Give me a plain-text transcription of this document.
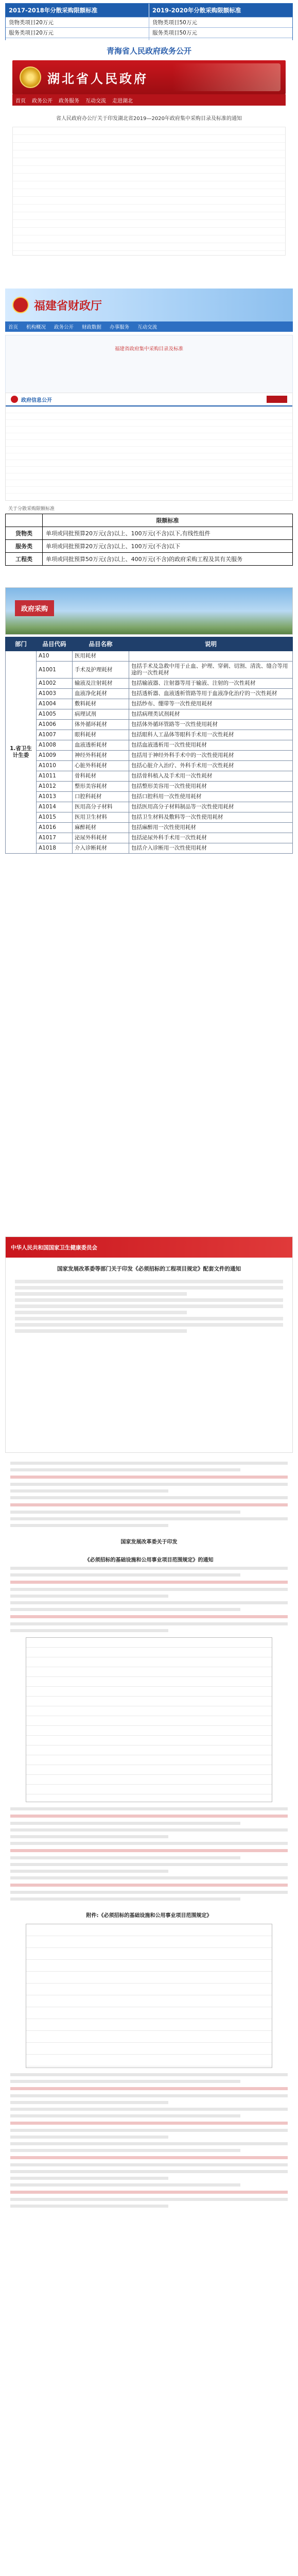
2017-2018年分散采购限额标准	2019-2020年分散采购限额标准
货物类项目20万元	货物类项目50万元
服务类项目20万元	服务类项目50万元
青海省人民政府政务公开
湖北省人民政府
首页 政务公开 政务服务 互动交流 走进湖北
省人民政府办公厅关于印发湖北省2019—2020年政府集中采购目录及标准的通知
福建省财政厅
首页 机构概况 政务公开 财政数据 办事服务 互动交流
福建省政府集中采购目录及标准
政府信息公开
关于分散采购限额标准
	限额标准
货物类	单项或同批预算20万元(含)以上、100万元(不含)以下,有线性组件
服务类	单项或同批预算20万元(含)以上、100万元(不含)以下
工程类	单项或同批预算50万元(含)以上、400万元(不含)的政府采购工程及其有关服务
政府采购
部门	品目代码	品目名称	说明
1.省卫生计生委	A10	医用耗材	
	A1001	手术及护理耗材	包括手术及急救中用于止血、护理、穿刺、切割、清洗、缝合等用途的一次性耗材
	A1002	输液及注射耗材	包括输液器、注射器等用于输液、注射的一次性耗材
	A1003	血液净化耗材	包括透析器、血液透析管路等用于血液净化治疗的一次性耗材
	A1004	敷料耗材	包括纱布、绷带等一次性使用耗材
	A1005	病理试剂	包括病理类试剂耗材
	A1006	体外循环耗材	包括体外循环管路等一次性使用耗材
	A1007	眼科耗材	包括眼科人工晶体等眼科手术用一次性耗材
	A1008	血液透析耗材	包括血液透析用一次性使用耗材
	A1009	神经外科耗材	包括用于神经外科手术中的一次性使用耗材
	A1010	心脏外科耗材	包括心脏介入治疗、外科手术用一次性耗材
	A1011	骨科耗材	包括骨科植入及手术用一次性耗材
	A1012	整形美容耗材	包括整形美容用一次性使用耗材
	A1013	口腔科耗材	包括口腔科用一次性使用耗材
	A1014	医用高分子材料	包括医用高分子材料制品等一次性使用耗材
	A1015	医用卫生材料	包括卫生材料及敷料等一次性使用耗材
	A1016	麻醉耗材	包括麻醉用一次性使用耗材
	A1017	泌尿外科耗材	包括泌尿外科手术用一次性耗材
	A1018	介入诊断耗材	包括介入诊断用一次性使用耗材
中华人民共和国国家卫生健康委员会
国家发展改革委等部门关于印发《必须招标的工程项目规定》配套文件的通知
国家发展改革委关于印发
《必须招标的基础设施和公用事业项目范围规定》的通知
附件:《必须招标的基础设施和公用事业项目范围规定》
